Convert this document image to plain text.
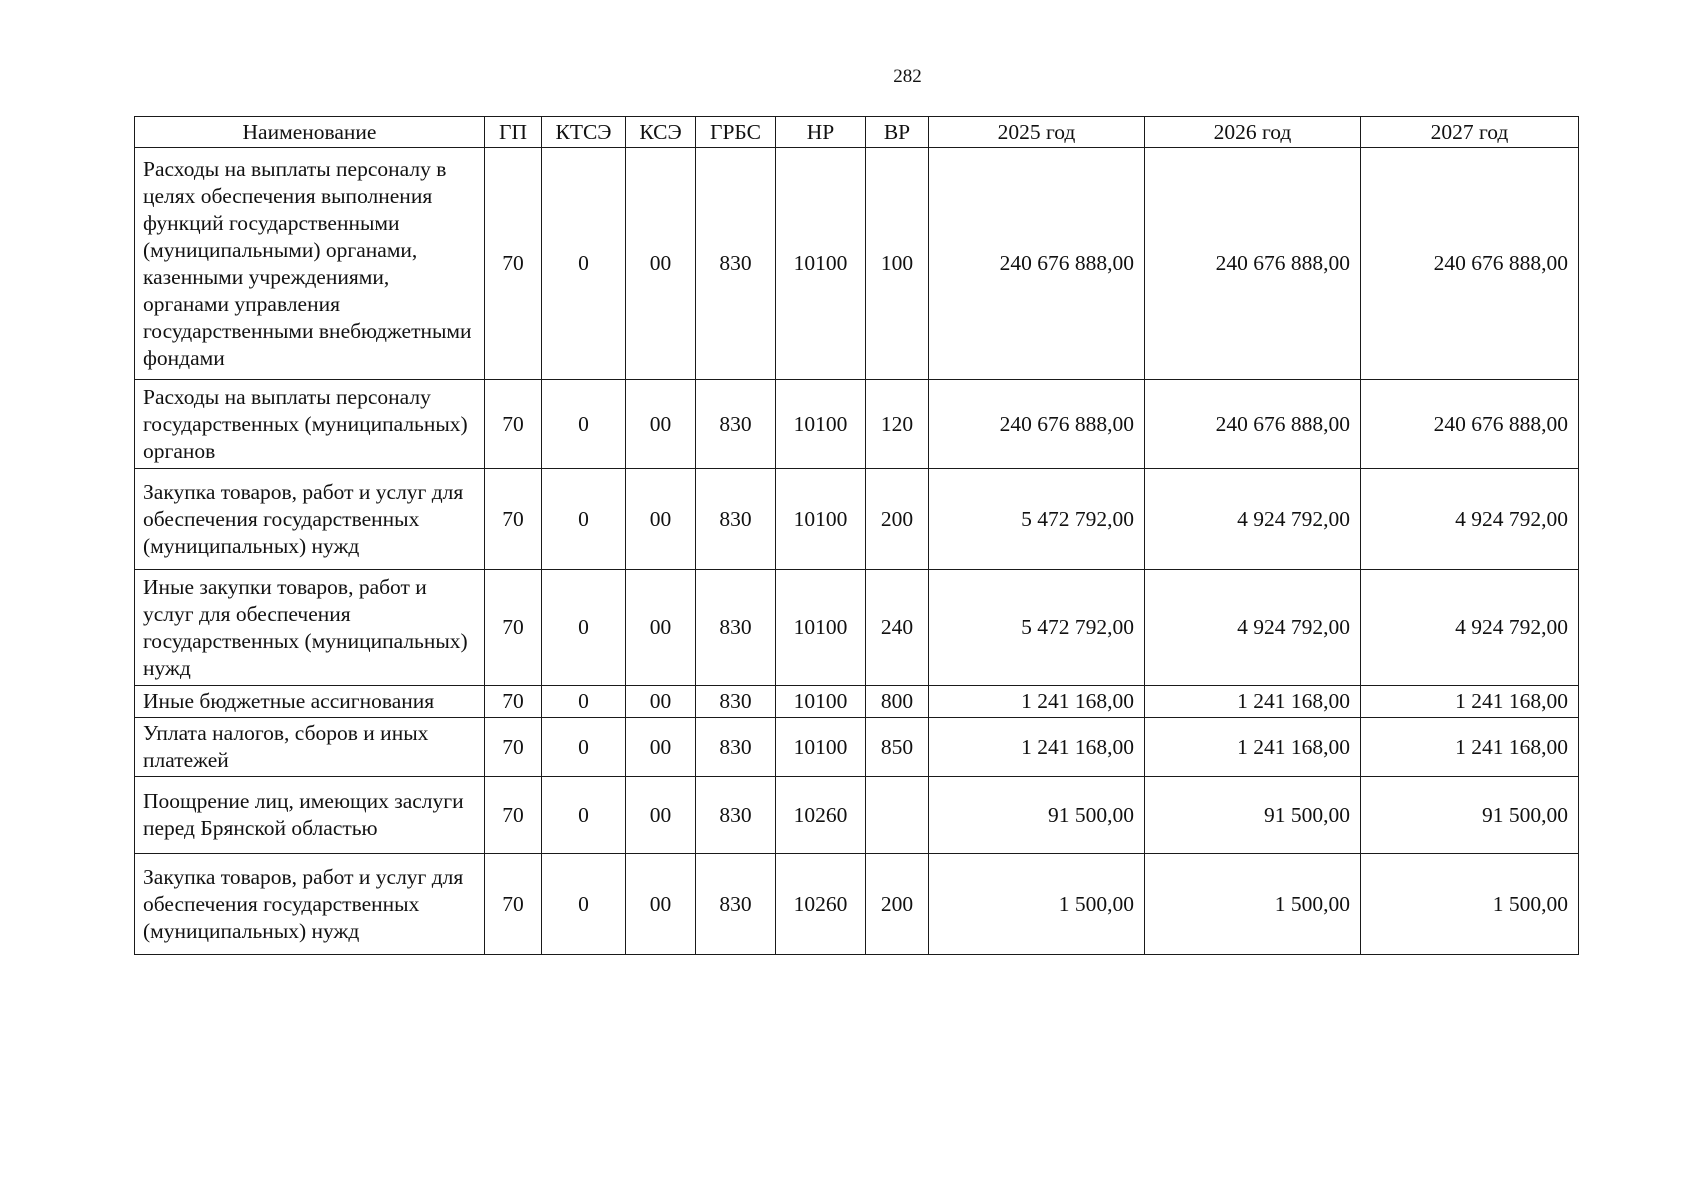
282
Наименование	ГП	КТСЭ	КСЭ	ГРБС	НР	ВР	2025 год	2026 год	2027 год
Расходы на выплаты персоналу в целях обеспечения выполнения функций государственными (муниципальными) органами, казенными учреждениями, органами управления государственными внебюджетными фондами	70	0	00	830	10100	100	240 676 888,00	240 676 888,00	240 676 888,00
Расходы на выплаты персоналу государственных (муниципальных) органов	70	0	00	830	10100	120	240 676 888,00	240 676 888,00	240 676 888,00
Закупка товаров, работ и услуг для обеспечения государственных (муниципальных) нужд	70	0	00	830	10100	200	5 472 792,00	4 924 792,00	4 924 792,00
Иные закупки товаров, работ и услуг для обеспечения государственных (муниципальных) нужд	70	0	00	830	10100	240	5 472 792,00	4 924 792,00	4 924 792,00
Иные бюджетные ассигнования	70	0	00	830	10100	800	1 241 168,00	1 241 168,00	1 241 168,00
Уплата налогов, сборов и иных платежей	70	0	00	830	10100	850	1 241 168,00	1 241 168,00	1 241 168,00
Поощрение лиц, имеющих заслуги перед Брянской областью	70	0	00	830	10260		91 500,00	91 500,00	91 500,00
Закупка товаров, работ и услуг для обеспечения государственных (муниципальных) нужд	70	0	00	830	10260	200	1 500,00	1 500,00	1 500,00
